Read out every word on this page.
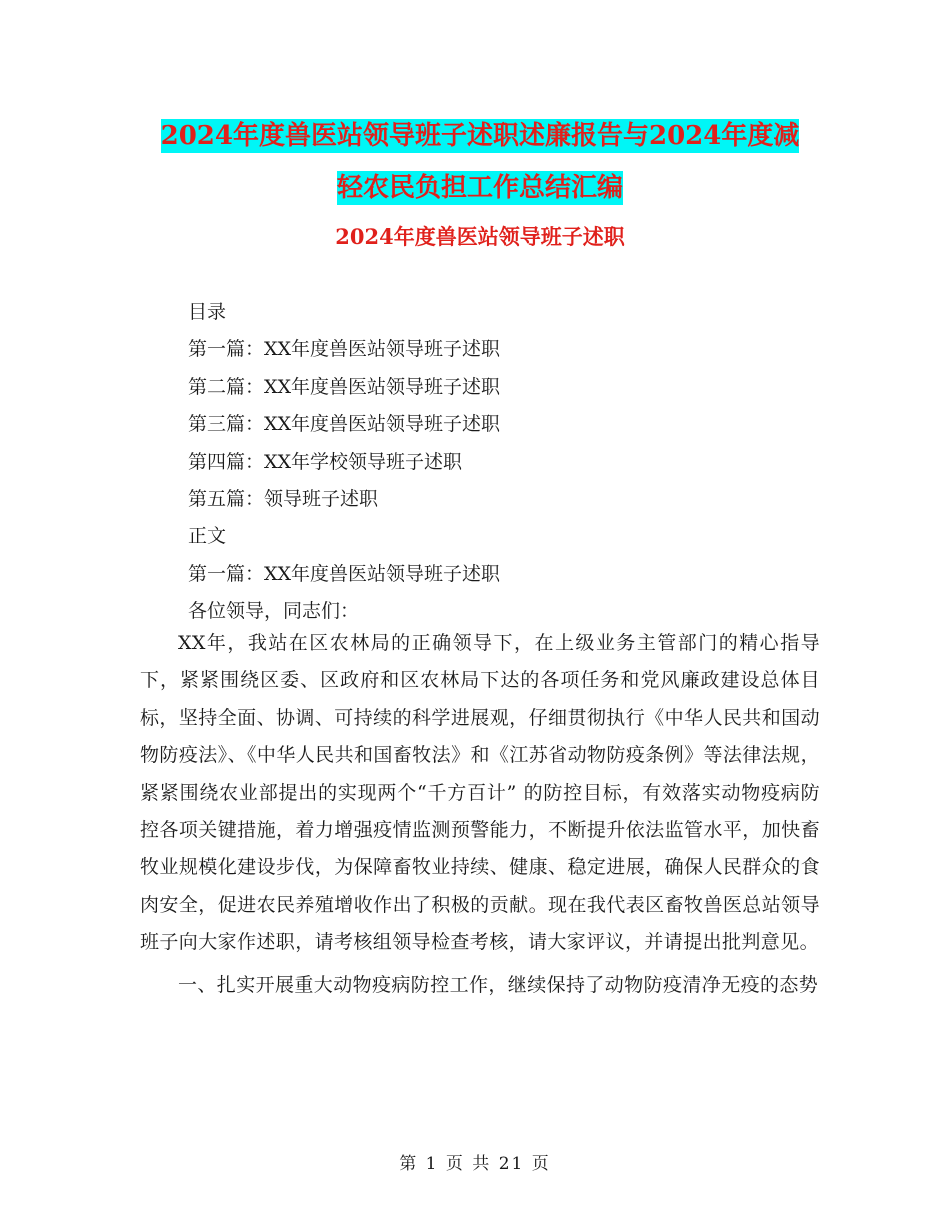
2024年度兽医站领导班子述职述廉报告与2024年度减
轻农民负担工作总结汇编
2024年度兽医站领导班子述职
目录
第一篇：XX年度兽医站领导班子述职
第二篇：XX年度兽医站领导班子述职
第三篇：XX年度兽医站领导班子述职
第四篇：XX年学校领导班子述职
第五篇：领导班子述职
正文
第一篇：XX年度兽医站领导班子述职
各位领导，同志们：

XX年，我站在区农林局的正确领导下，在上级业务主管部门的精心指导下，紧紧围绕区委、区政府和区农林局下达的各项任务和党风廉政建设总体目标，坚持全面、协调、可持续的科学进展观，仔细贯彻执行《中华人民共和国动物防疫法》、《中华人民共和国畜牧法》和《江苏省动物防疫条例》等法律法规，紧紧围绕农业部提出的实现两个“千方百计” 的防控目标，有效落实动物疫病防控各项关键措施，着力增强疫情监测预警能力，不断提升依法监管水平，加快畜牧业规模化建设步伐，为保障畜牧业持续、健康、稳定进展，确保人民群众的食肉安全，促进农民养殖增收作出了积极的贡献。现在我代表区畜牧兽医总站领导班子向大家作述职，请考核组领导检查考核，请大家评议，并请提出批判意见。

一、扎实开展重大动物疫病防控工作，继续保持了动物防疫清净无疫的态势

第 1 页 共 21 页
